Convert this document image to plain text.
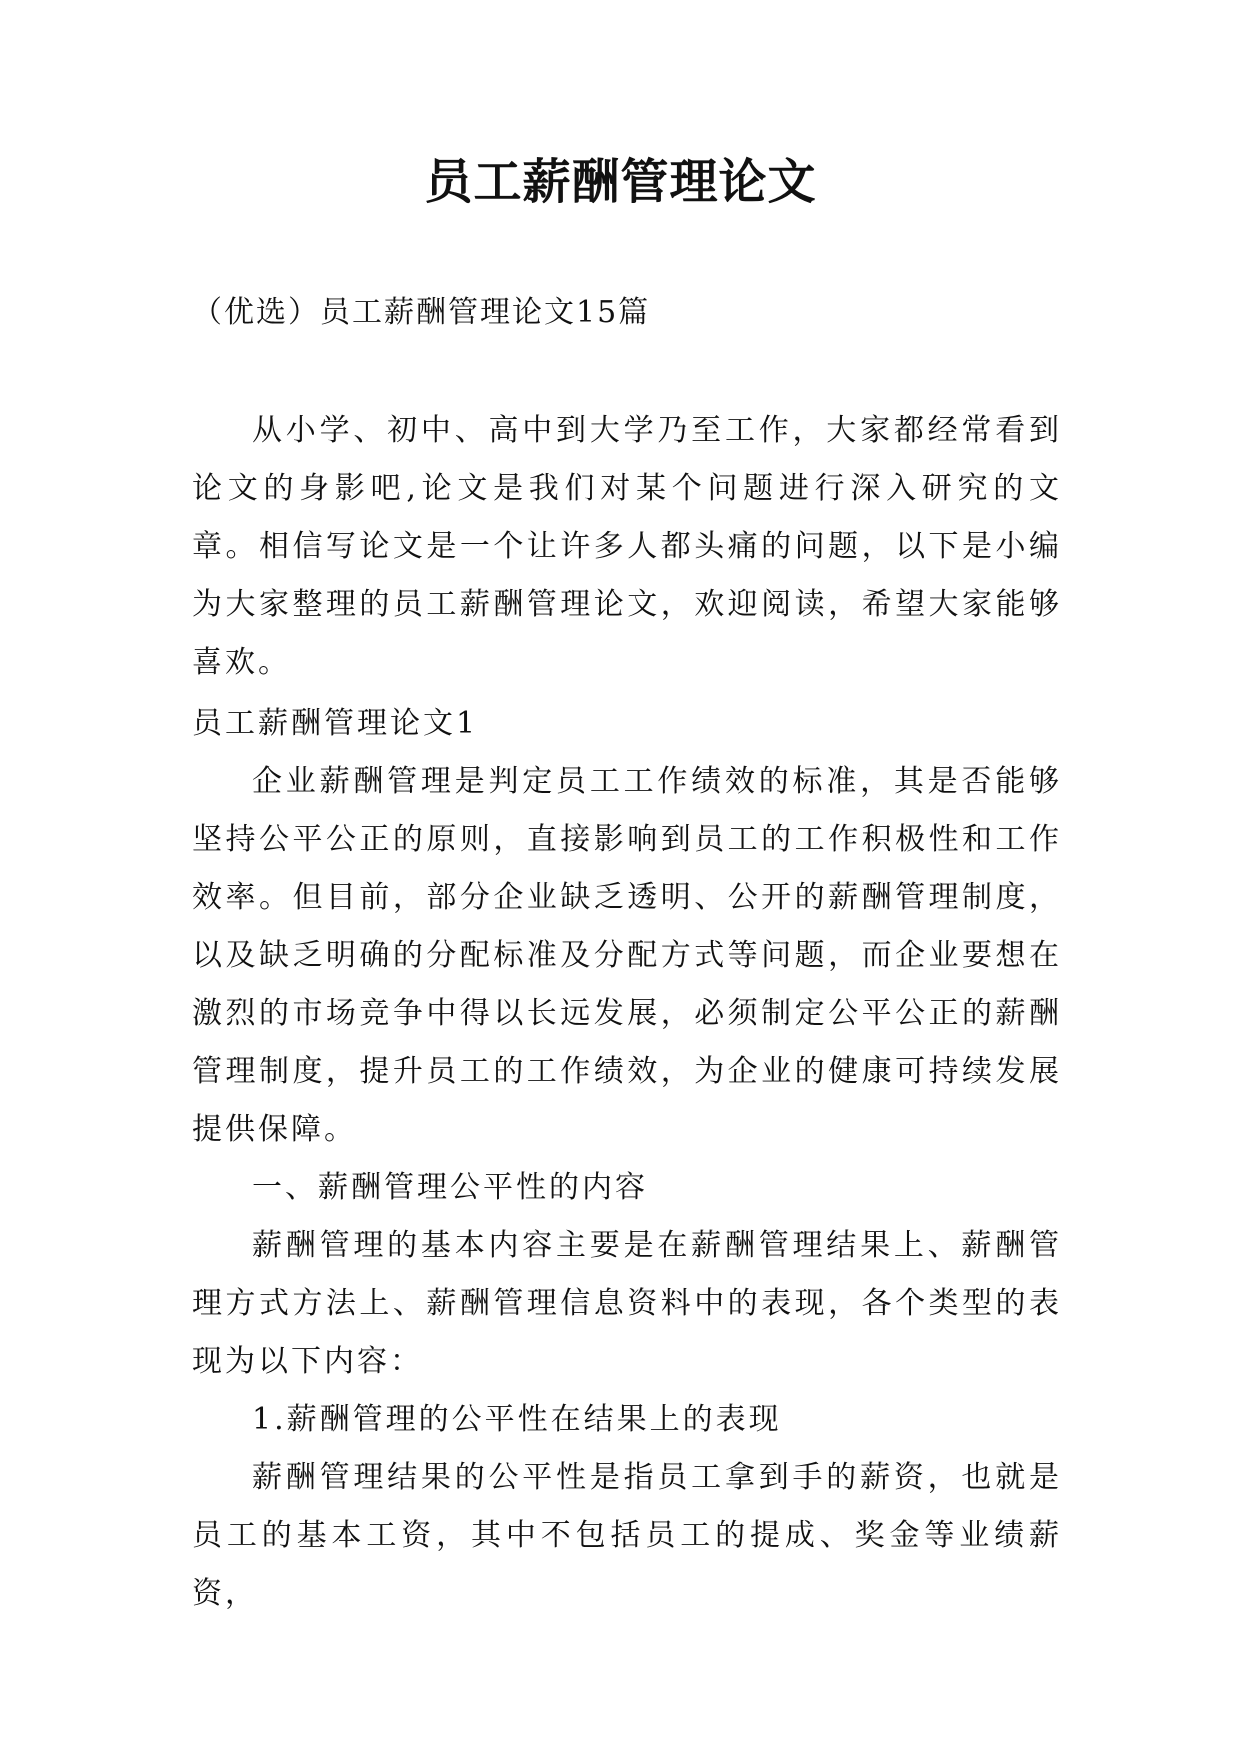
员工薪酬管理论文
（优选）员工薪酬管理论文15篇

从小学、初中、高中到大学乃至工作，大家都经常看到论文的身影吧,论文是我们对某个问题进行深入研究的文章。相信写论文是一个让许多人都头痛的问题，以下是小编为大家整理的员工薪酬管理论文，欢迎阅读，希望大家能够喜欢。

员工薪酬管理论文1

企业薪酬管理是判定员工工作绩效的标准，其是否能够坚持公平公正的原则，直接影响到员工的工作积极性和工作效率。但目前，部分企业缺乏透明、公开的薪酬管理制度，以及缺乏明确的分配标准及分配方式等问题，而企业要想在激烈的市场竞争中得以长远发展，必须制定公平公正的薪酬管理制度，提升员工的工作绩效，为企业的健康可持续发展提供保障。

一、薪酬管理公平性的内容

薪酬管理的基本内容主要是在薪酬管理结果上、薪酬管理方式方法上、薪酬管理信息资料中的表现，各个类型的表现为以下内容：

1.薪酬管理的公平性在结果上的表现

薪酬管理结果的公平性是指员工拿到手的薪资，也就是员工的基本工资，其中不包括员工的提成、奖金等业绩薪资，
